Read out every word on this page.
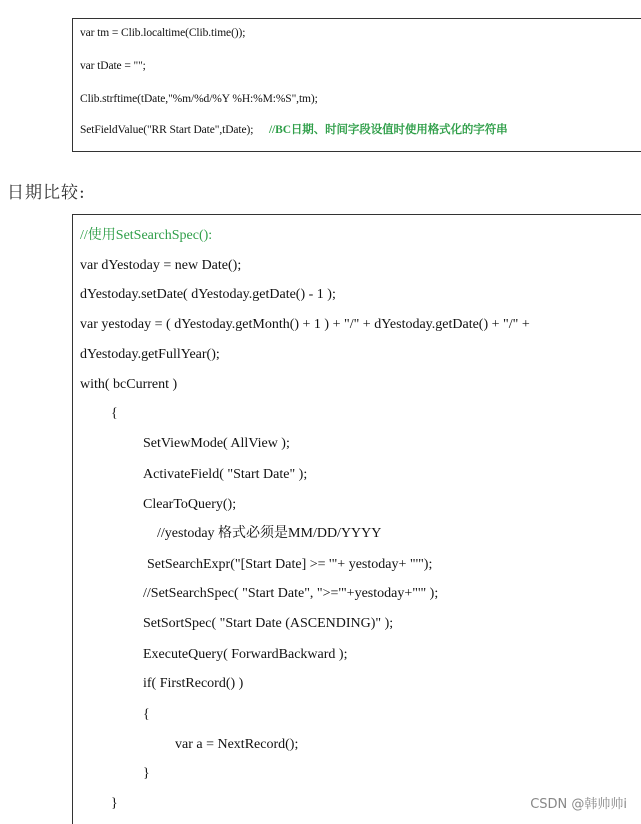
var tm = Clib.localtime(Clib.time());
var tDate = "";
Clib.strftime(tDate,"%m/%d/%Y %H:%M:%S",tm);
SetFieldValue("RR Start Date",tDate); //BC日期、时间字段设值时使用格式化的字符串
日期比较:
//使用SetSearchSpec():
var dYestoday = new Date();
dYestoday.setDate( dYestoday.getDate() - 1 );
var yestoday = ( dYestoday.getMonth() + 1 ) + "/" + dYestoday.getDate() + "/" +
dYestoday.getFullYear();
with( bcCurrent )
{
SetViewMode( AllView );
ActivateField( "Start Date" );
ClearToQuery();
//yestoday 格式必须是MM/DD/YYYY
SetSearchExpr("[Start Date] >= '"+ yestoday+ "'");
//SetSearchSpec( "Start Date", ">='"+yestoday+"'" );
SetSortSpec( "Start Date (ASCENDING)" );
ExecuteQuery( ForwardBackward );
if( FirstRecord() )
{
var a = NextRecord();
}
}	CSDN @韩帅帅i
